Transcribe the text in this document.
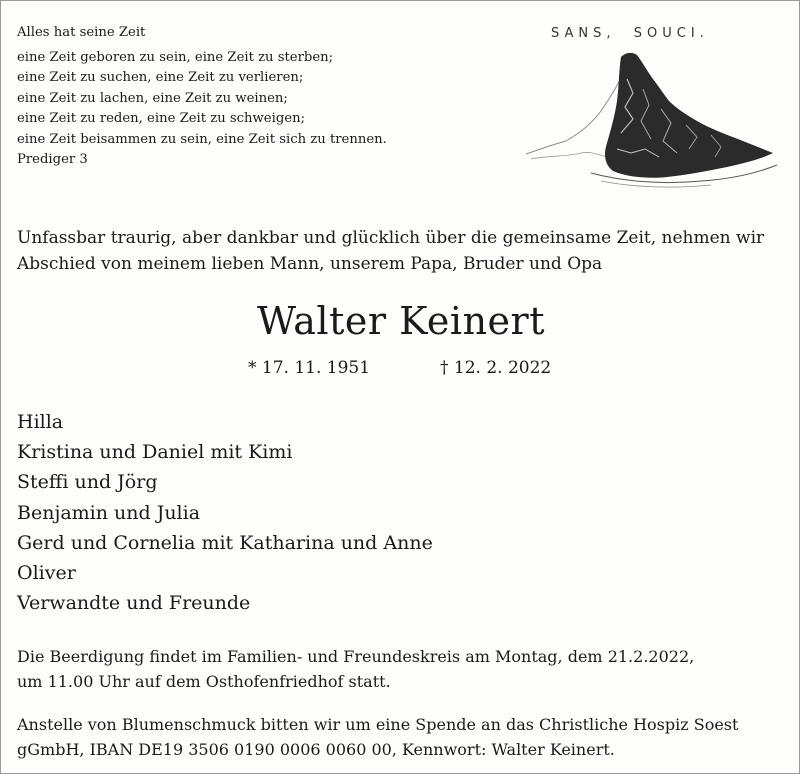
Alles hat seine Zeit
eine Zeit geboren zu sein, eine Zeit zu sterben;
eine Zeit zu suchen, eine Zeit zu verlieren;
eine Zeit zu lachen, eine Zeit zu weinen;
eine Zeit zu reden, eine Zeit zu schweigen;
eine Zeit beisammen zu sein, eine Zeit sich zu trennen.
Prediger 3
SANS,  SOUCI.
Unfassbar traurig, aber dankbar und glücklich über die gemeinsame Zeit, nehmen wir
Abschied von meinem lieben Mann, unserem Papa, Bruder und Opa
Walter Keinert
* 17. 11. 1951	† 12. 2. 2022
Hilla
Kristina und Daniel mit Kimi
Steffi und Jörg
Benjamin und Julia
Gerd und Cornelia mit Katharina und Anne
Oliver
Verwandte und Freunde
Die Beerdigung findet im Familien- und Freundeskreis am Montag, dem 21.2.2022,
um 11.00 Uhr auf dem Osthofenfriedhof statt.
Anstelle von Blumenschmuck bitten wir um eine Spende an das Christliche Hospiz Soest
gGmbH, IBAN DE19 3506 0190 0006 0060 00, Kennwort: Walter Keinert.
